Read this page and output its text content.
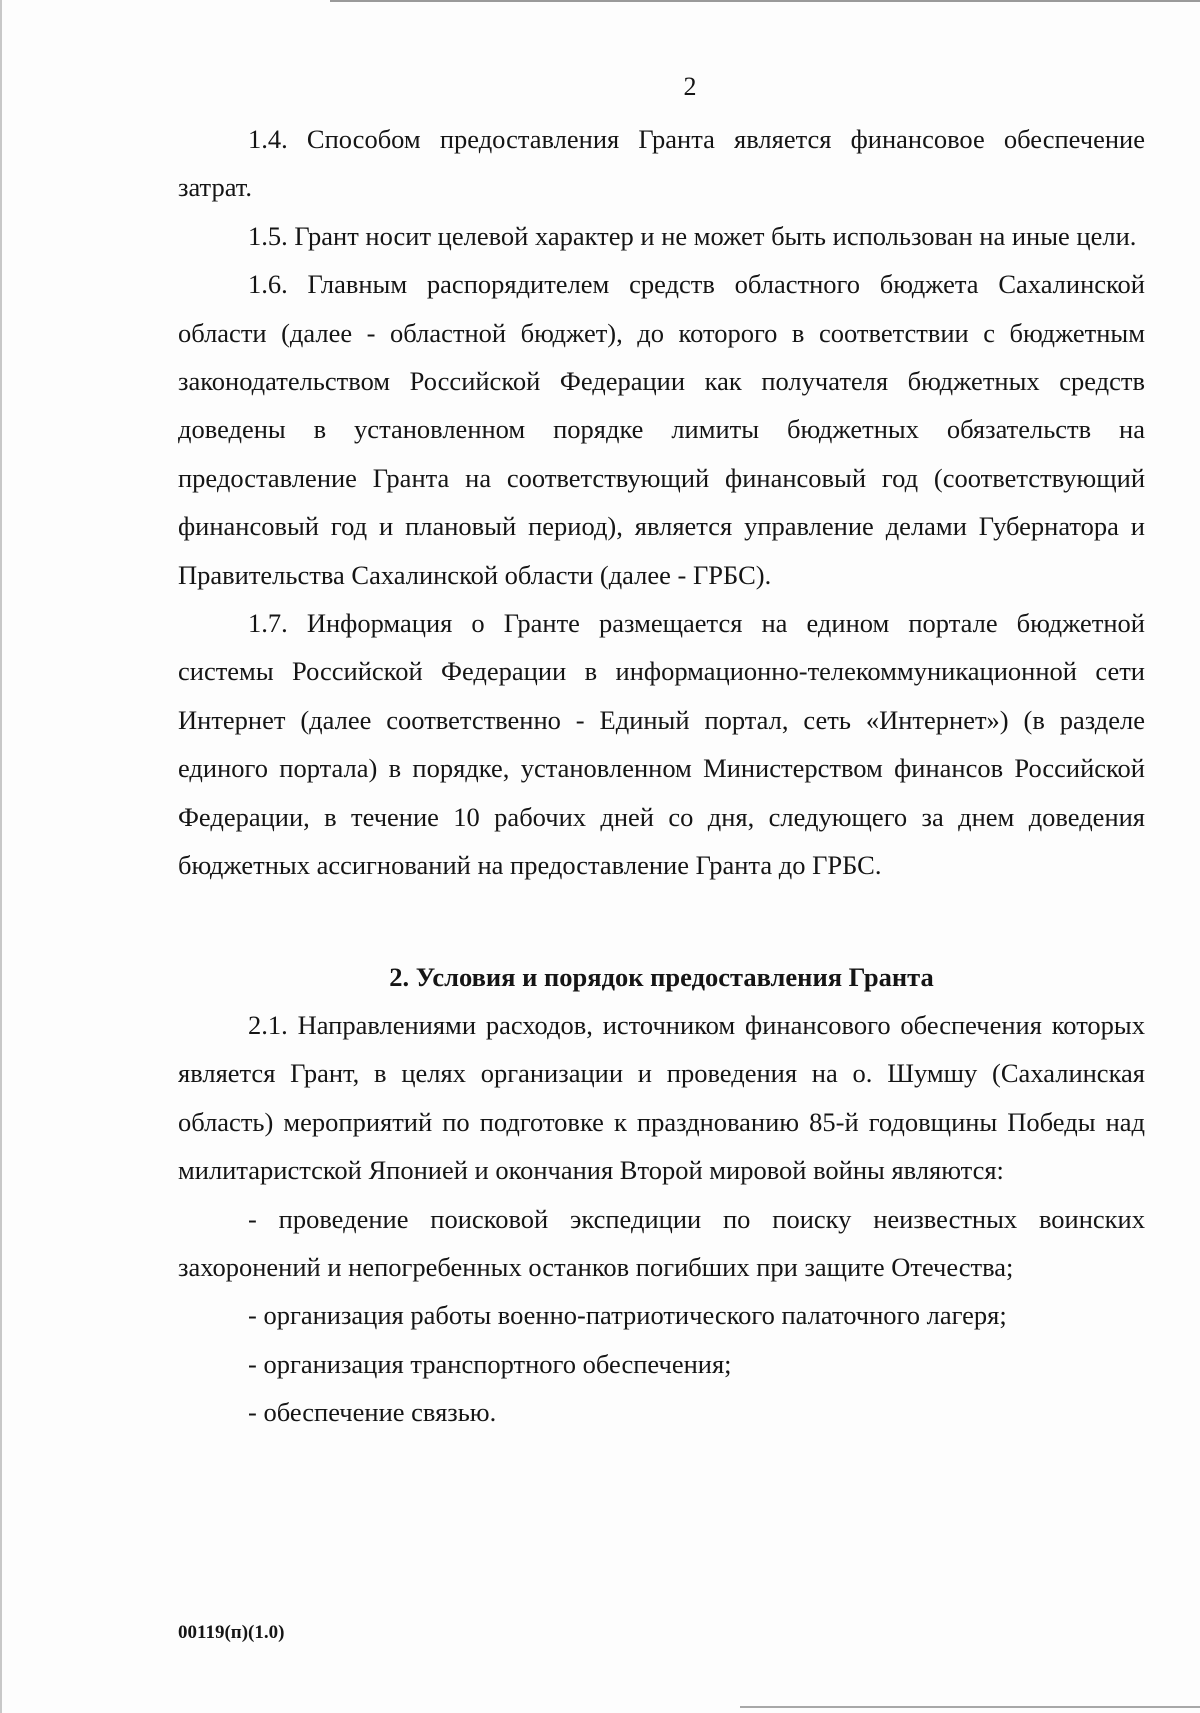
2

1.4. Способом предоставления Гранта является финансовое обеспечение затрат.

1.5. Грант носит целевой характер и не может быть использован на иные цели.

1.6. Главным распорядителем средств областного бюджета Сахалинской области (далее - областной бюджет), до которого в соответствии с бюджетным законодательством Российской Федерации как получателя бюджетных средств доведены в установленном порядке лимиты бюджетных обязательств на предоставление Гранта на соответствующий финансовый год (соответствующий финансовый год и плановый период), является управление делами Губернатора и Правительства Сахалинской области (далее - ГРБС).

1.7. Информация о Гранте размещается на едином портале бюджетной системы Российской Федерации в информационно-телекоммуникационной сети Интернет (далее соответственно - Единый портал, сеть «Интернет») (в разделе единого портала) в порядке, установленном Министерством финансов Российской Федерации, в течение 10 рабочих дней со дня, следующего за днем доведения бюджетных ассигнований на предоставление Гранта до ГРБС.

2. Условия и порядок предоставления Гранта

2.1. Направлениями расходов, источником финансового обеспечения которых является Грант, в целях организации и проведения на о. Шумшу (Сахалинская область) мероприятий по подготовке к празднованию 85-й годовщины Победы над милитаристской Японией и окончания Второй мировой войны являются:

- проведение поисковой экспедиции по поиску неизвестных воинских захоронений и непогребенных останков погибших при защите Отечества;

- организация работы военно-патриотического палаточного лагеря;

- организация транспортного обеспечения;

- обеспечение связью.

00119(п)(1.0)
